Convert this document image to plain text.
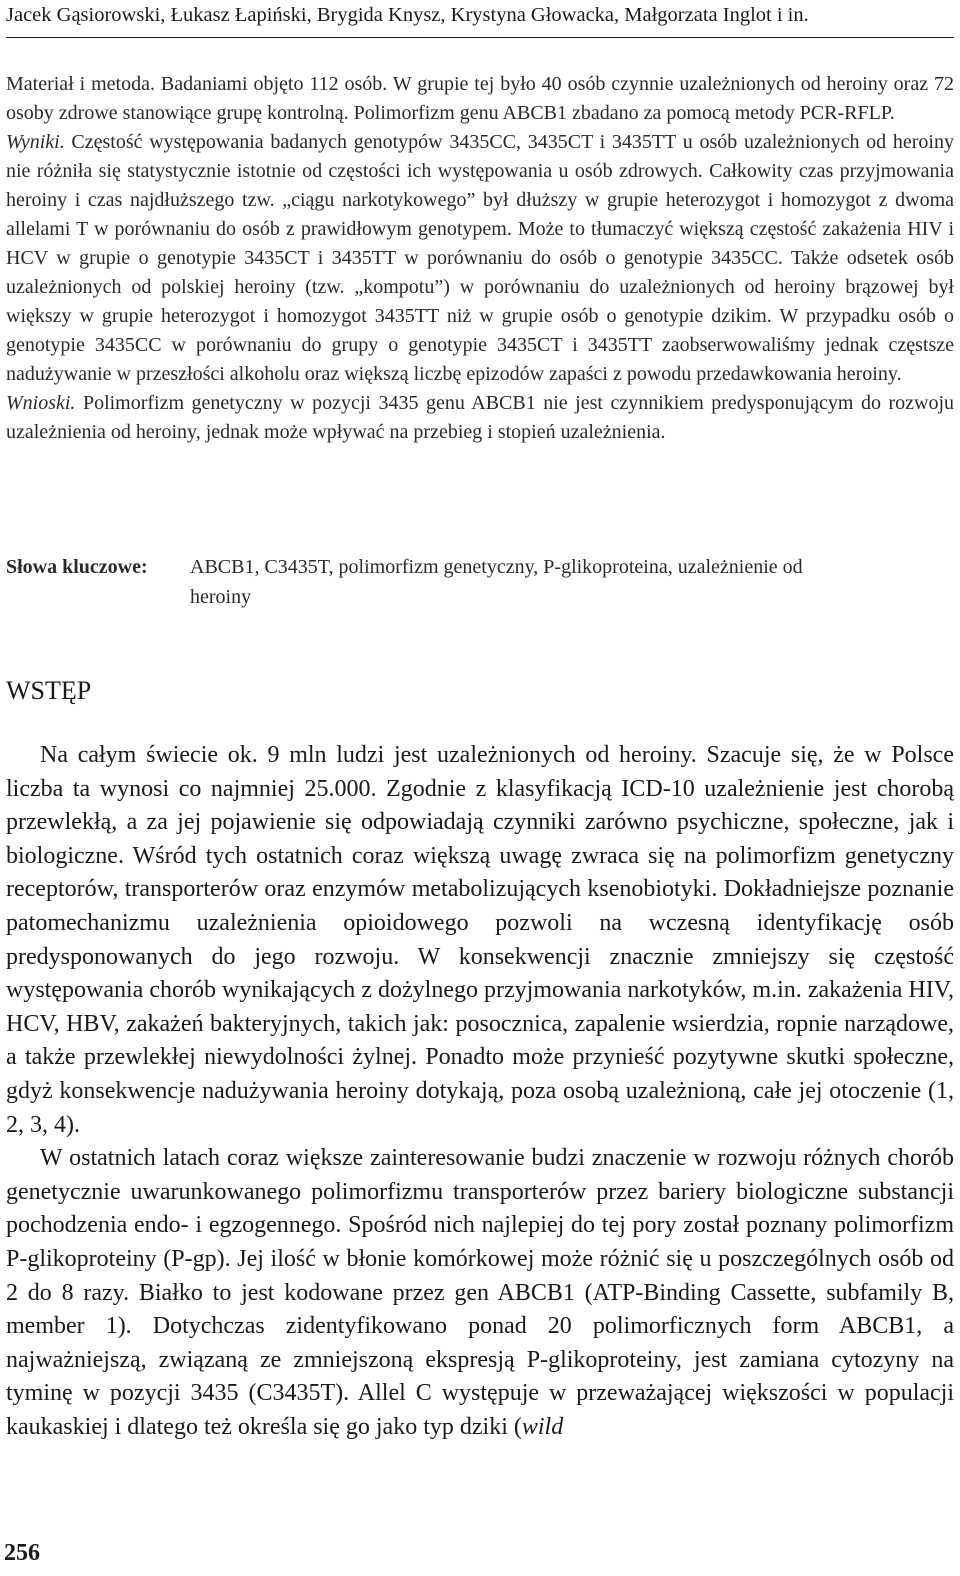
Jacek Gąsiorowski, Łukasz Łapiński, Brygida Knysz, Krystyna Głowacka, Małgorzata Inglot i in.

Materiał i metoda. Badaniami objęto 112 osób. W grupie tej było 40 osób czynnie uzależnionych od heroiny oraz 72 osoby zdrowe stanowiące grupę kontrolną. Polimorfizm genu ABCB1 zbadano za pomocą metody PCR-RFLP.

Wyniki. Częstość występowania badanych genotypów 3435CC, 3435CT i 3435TT u osób uzależnionych od heroiny nie różniła się statystycznie istotnie od częstości ich występowania u osób zdrowych. Całkowity czas przyjmowania heroiny i czas najdłuższego tzw. „ciągu narkotykowego” był dłuższy w grupie heterozygot i homozygot z dwoma allelami T w porównaniu do osób z prawidłowym genotypem. Może to tłumaczyć większą częstość zakażenia HIV i HCV w grupie o genotypie 3435CT i 3435TT w porównaniu do osób o genotypie 3435CC. Także odsetek osób uzależnionych od polskiej heroiny (tzw. „kompotu”) w porównaniu do uzależnionych od heroiny brązowej był większy w grupie heterozygot i homozygot 3435TT niż w grupie osób o genotypie dzikim. W przypadku osób o genotypie 3435CC w porównaniu do grupy o genotypie 3435CT i 3435TT zaobserwowaliśmy jednak częstsze nadużywanie w przeszłości alkoholu oraz większą liczbę epizodów zapaści z powodu przedawkowania heroiny.

Wnioski. Polimorfizm genetyczny w pozycji 3435 genu ABCB1 nie jest czynnikiem predysponującym do rozwoju uzależnienia od heroiny, jednak może wpływać na przebieg i stopień uzależnienia.

Słowa kluczowe: ABCB1, C3435T, polimorfizm genetyczny, P-glikoproteina, uzależnienie od heroiny
WSTĘP

Na całym świecie ok. 9 mln ludzi jest uzależnionych od heroiny. Szacuje się, że w Polsce liczba ta wynosi co najmniej 25.000. Zgodnie z klasyfikacją ICD-10 uzależnienie jest chorobą przewlekłą, a za jej pojawienie się odpowiadają czynniki zarówno psychiczne, społeczne, jak i biologiczne. Wśród tych ostatnich coraz większą uwagę zwraca się na polimorfizm genetyczny receptorów, transporterów oraz enzymów metabolizujących ksenobiotyki. Dokładniejsze poznanie patomechanizmu uzależnienia opioidowego pozwoli na wczesną identyfikację osób predysponowanych do jego rozwoju. W konsekwencji znacznie zmniejszy się częstość występowania chorób wynikających z dożylnego przyjmowania narkotyków, m.in. zakażenia HIV, HCV, HBV, zakażeń bakteryjnych, takich jak: posocznica, zapalenie wsierdzia, ropnie narządowe, a także przewlekłej niewydolności żylnej. Ponadto może przynieść pozytywne skutki społeczne, gdyż konsekwencje nadużywania heroiny dotykają, poza osobą uzależnioną, całe jej otoczenie (1, 2, 3, 4).

W ostatnich latach coraz większe zainteresowanie budzi znaczenie w rozwoju różnych chorób genetycznie uwarunkowanego polimorfizmu transporterów przez bariery biologiczne substancji pochodzenia endo- i egzogennego. Spośród nich najlepiej do tej pory został poznany polimorfizm P-glikoproteiny (P-gp). Jej ilość w błonie komórkowej może różnić się u poszczególnych osób od 2 do 8 razy. Białko to jest kodowane przez gen ABCB1 (ATP-Binding Cassette, subfamily B, member 1). Dotychczas zidentyfikowano ponad 20 polimorficznych form ABCB1, a najważniejszą, związaną ze zmniejszoną ekspresją P-glikoproteiny, jest zamiana cytozyny na tyminę w pozycji 3435 (C3435T). Allel C występuje w przeważającej większości w populacji kaukaskiej i dlatego też określa się go jako typ dziki (wild

256
